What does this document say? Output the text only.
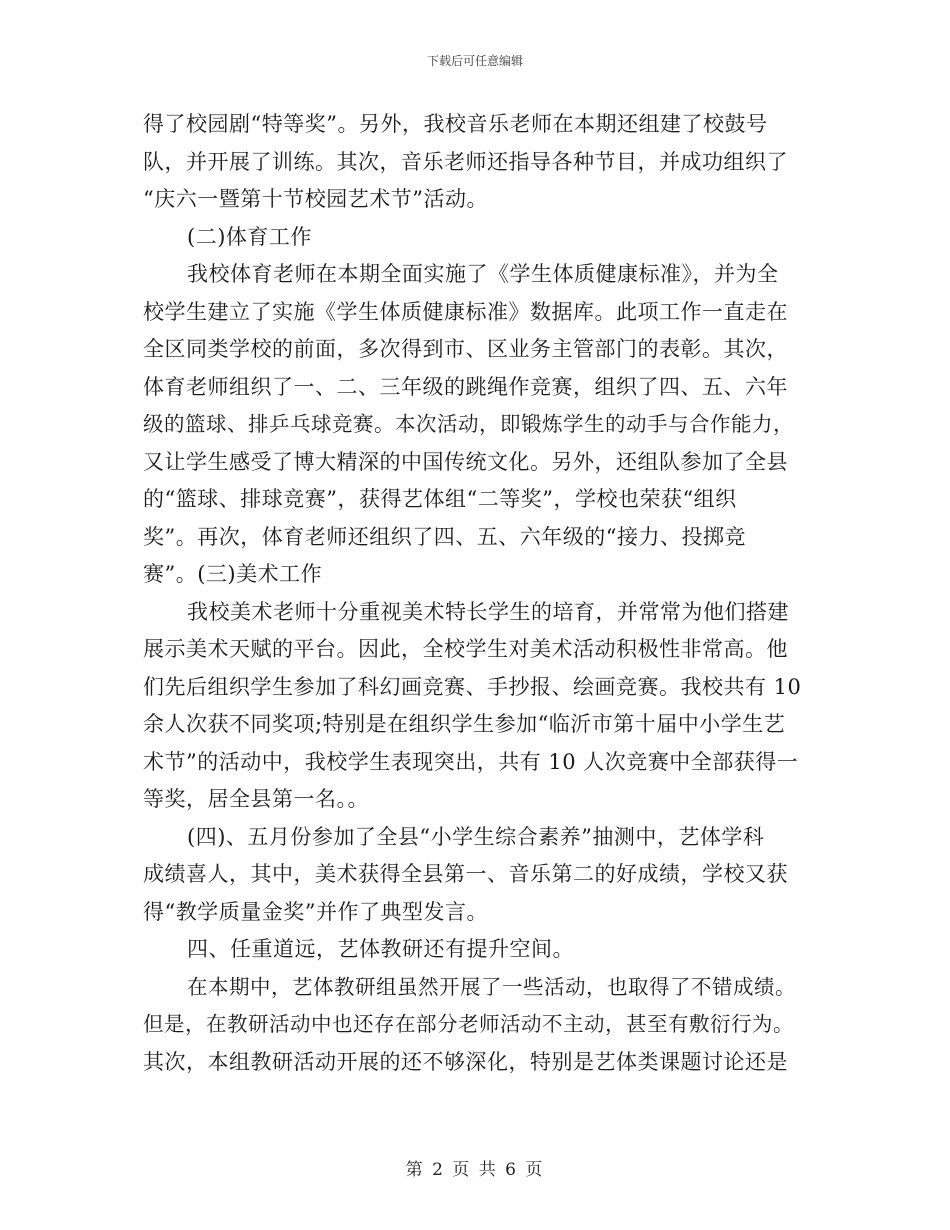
下载后可任意编辑
得了校园剧“特等奖”。另外，我校音乐老师在本期还组建了校鼓号
队，并开展了训练。其次，音乐老师还指导各种节目，并成功组织了
“庆六一暨第十节校园艺术节”活动。
(二)体育工作
我校体育老师在本期全面实施了《学生体质健康标准》，并为全
校学生建立了实施《学生体质健康标准》数据库。此项工作一直走在
全区同类学校的前面，多次得到市、区业务主管部门的表彰。其次，
体育老师组织了一、二、三年级的跳绳作竞赛，组织了四、五、六年
级的篮球、排乒乓球竞赛。本次活动，即锻炼学生的动手与合作能力，
又让学生感受了博大精深的中国传统文化。另外，还组队参加了全县
的“篮球、排球竞赛”，获得艺体组“二等奖”，学校也荣获“组织
奖”。再次，体育老师还组织了四、五、六年级的“接力、投掷竞
赛”。(三)美术工作
我校美术老师十分重视美术特长学生的培育，并常常为他们搭建
展示美术天赋的平台。因此，全校学生对美术活动积极性非常高。他
们先后组织学生参加了科幻画竞赛、手抄报、绘画竞赛。我校共有 10
余人次获不同奖项;特别是在组织学生参加“临沂市第十届中小学生艺
术节”的活动中，我校学生表现突出，共有 10 人次竞赛中全部获得一
等奖，居全县第一名。。
(四)、五月份参加了全县“小学生综合素养”抽测中，艺体学科
成绩喜人，其中，美术获得全县第一、音乐第二的好成绩，学校又获
得“教学质量金奖”并作了典型发言。
四、任重道远，艺体教研还有提升空间。
在本期中，艺体教研组虽然开展了一些活动，也取得了不错成绩。
但是，在教研活动中也还存在部分老师活动不主动，甚至有敷衍行为。
其次，本组教研活动开展的还不够深化，特别是艺体类课题讨论还是
第 2 页 共 6 页
